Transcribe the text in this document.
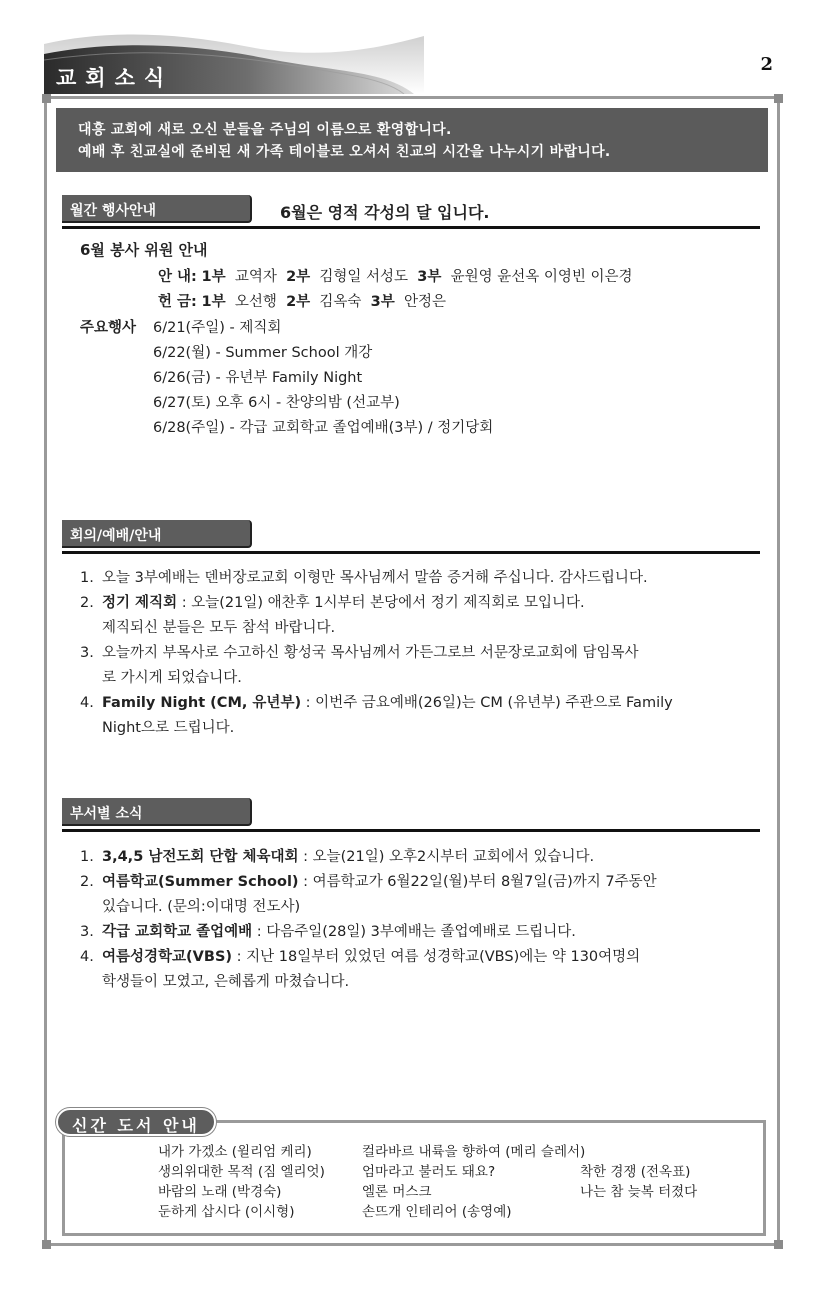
교회소식
2
대흥 교회에 새로 오신 분들을 주님의 이름으로 환영합니다.
예배 후 친교실에 준비된 새 가족 테이블로 오셔서 친교의 시간을 나누시기 바랍니다.
월간 행사안내	6월은 영적 각성의 달 입니다.
6월 봉사 위원 안내
안 내: 1부 교역자 2부 김형일 서성도 3부 윤원영 윤선옥 이영빈 이은경
헌 금: 1부 오선행 2부 김옥숙 3부 안정은
주요행사 6/21(주일) - 제직회
6/22(월) - Summer School 개강
6/26(금) - 유년부 Family Night
6/27(토) 오후 6시 - 찬양의밤 (선교부)
6/28(주일) - 각급 교회학교 졸업예배(3부) / 정기당회
회의/예배/안내
1. 오늘 3부예배는 덴버장로교회 이형만 목사님께서 말씀 증거해 주십니다. 감사드립니다.
2. 정기 제직회 : 오늘(21일) 애찬후 1시부터 본당에서 정기 제직회로 모입니다.
제직되신 분들은 모두 참석 바랍니다.
3. 오늘까지 부목사로 수고하신 황성국 목사님께서 가든그로브 서문장로교회에 담임목사
로 가시게 되었습니다.
4. Family Night (CM, 유년부) : 이번주 금요예배(26일)는 CM (유년부) 주관으로 Family
Night으로 드립니다.
부서별 소식
1. 3,4,5 남전도회 단합 체육대회 : 오늘(21일) 오후2시부터 교회에서 있습니다.
2. 여름학교(Summer School) : 여름학교가 6월22일(월)부터 8월7일(금)까지 7주동안
있습니다. (문의:이대명 전도사)
3. 각급 교회학교 졸업예배 : 다음주일(28일) 3부예배는 졸업예배로 드립니다.
4. 여름성경학교(VBS) : 지난 18일부터 있었던 여름 성경학교(VBS)에는 약 130여명의
학생들이 모였고, 은혜롭게 마쳤습니다.
신간 도서 안내
내가 가겠소 (윌리엄 케리)
생의위대한 목적 (짐 엘리엇)
바람의 노래 (박경숙)
둔하게 삽시다 (이시형)
컬라바르 내륙을 향하여 (메리 슬레서)
엄마라고 불러도 돼요?
엘론 머스크
손뜨개 인테리어 (송영예)
착한 경쟁 (전옥표)
나는 참 늦복 터졌다
